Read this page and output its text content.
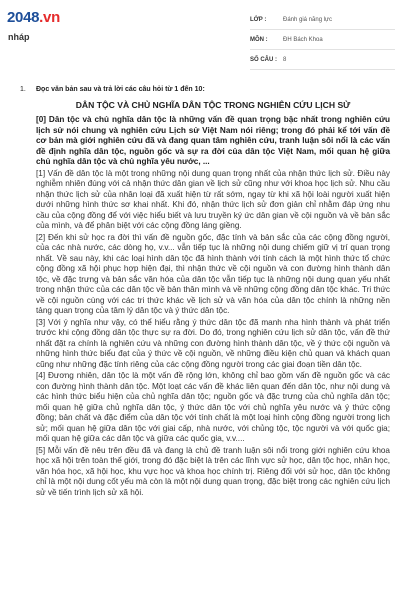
2048.vn
nháp
LỚP :	Đánh giá năng lực
MÔN :	ĐH Bách Khoa
SỐ CÂU :	8
1. Đọc văn bản sau và trả lời các câu hỏi từ 1 đến 10:
DÂN TỘC VÀ CHỦ NGHĨA DÂN TỘC TRONG NGHIÊN CỨU LỊCH SỬ

[0] Dân tộc và chủ nghĩa dân tộc là những vấn đề quan trọng bậc nhất trong nghiên cứu lịch sử nói chung và nghiên cứu Lịch sử Việt Nam nói riêng; trong đó phải kể tới vấn đề cơ bản mà giới nghiên cứu đã và đang quan tâm nghiên cứu, tranh luận sôi nổi là các vấn đề định nghĩa dân tộc, nguồn gốc và sự ra đời của dân tộc Việt Nam, mối quan hệ giữa chủ nghĩa dân tộc và chủ nghĩa yêu nước, ...

[1] Vấn đề dân tộc là một trong những nội dung quan trọng nhất của nhận thức lịch sử. Điều này nghiễm nhiên đúng với cả nhận thức dân gian về lịch sử cũng như với khoa học lịch sử. Nhu cầu nhận thức lịch sử của nhân loại đã xuất hiện từ rất sớm, ngay từ khi xã hội loài người xuất hiện dưới những hình thức sơ khai nhất. Khi đó, nhận thức lịch sử đơn giản chỉ nhằm đáp ứng nhu cầu của cộng đồng để với việc hiểu biết và lưu truyền ký ức dân gian về cội nguồn và về bản sắc của mình, và để phân biệt với các cộng đồng láng giềng.

[2] Đến khi sử học ra đời thì vấn đề nguồn gốc, đặc tính và bản sắc của các cộng đồng người, của các nhà nước, các dòng họ, v.v... vẫn tiếp tục là những nội dung chiếm giữ vị trí quan trọng nhất. Về sau này, khi các loại hình dân tộc đã hình thành với tính cách là một hình thức tổ chức cộng đồng xã hội phục hợp hiện đại, thì nhận thức về cội nguồn và con đường hình thành dân tộc, về đặc trưng và bản sắc văn hóa của dân tộc vẫn tiếp tục là những nội dung quan yếu nhất trong nhận thức của các dân tộc về bản thân mình và về những cộng đồng dân tộc khác. Tri thức về cội nguồn cùng với các tri thức khác về lịch sử và văn hóa của dân tộc chính là những nền tảng quan trọng của tâm lý dân tộc và ý thức dân tộc.

[3] Với ý nghĩa như vậy, có thể hiểu rằng ý thức dân tộc đã manh nha hình thành và phát triển trước khi cộng đồng dân tộc thực sự ra đời. Do đó, trong nghiên cứu lịch sử dân tộc, vấn đề thứ nhất đặt ra chính là nghiên cứu và những con đường hình thành dân tộc, về ý thức cội nguồn và những hình thức biểu đạt của ý thức về cội nguồn, về những điều kiện chủ quan và khách quan cũng như những đặc tính riêng của các cộng đồng người trong các giai đoạn tiền dân tộc.

[4] Đương nhiên, dân tộc là một vấn đề rộng lớn, không chỉ bao gồm vấn đề nguồn gốc và các con đường hình thành dân tộc. Một loạt các vấn đề khác liên quan đến dân tộc, như nội dung và các hình thức biểu hiện của chủ nghĩa dân tộc; nguồn gốc và đặc trưng của chủ nghĩa dân tộc; mối quan hệ giữa chủ nghĩa dân tộc, ý thức dân tộc với chủ nghĩa yêu nước và ý thức cộng đồng; bản chất và đặc điểm của dân tộc với tính chất là một loại hình cộng đồng người trong lịch sử; mối quan hệ giữa dân tộc với giai cấp, nhà nước, với chủng tộc, tộc người và với quốc gia; mối quan hệ giữa các dân tộc và giữa các quốc gia, v.v....

[5] Mỗi vấn đề nêu trên đều đã và đang là chủ đề tranh luận sôi nổi trong giới nghiên cứu khoa học xã hội trên toàn thế giới, trong đó đặc biệt là trên các lĩnh vực sử học, dân tộc học, nhân học, văn hóa học, xã hội học, khu vực học và khoa học chính trị. Riêng đối với sử học, dân tộc không chỉ là một nội dung cốt yếu mà còn là một nội dung quan trọng, đặc biệt trong các nghiên cứu lịch sử về tiến trình lịch sử xã hội.
